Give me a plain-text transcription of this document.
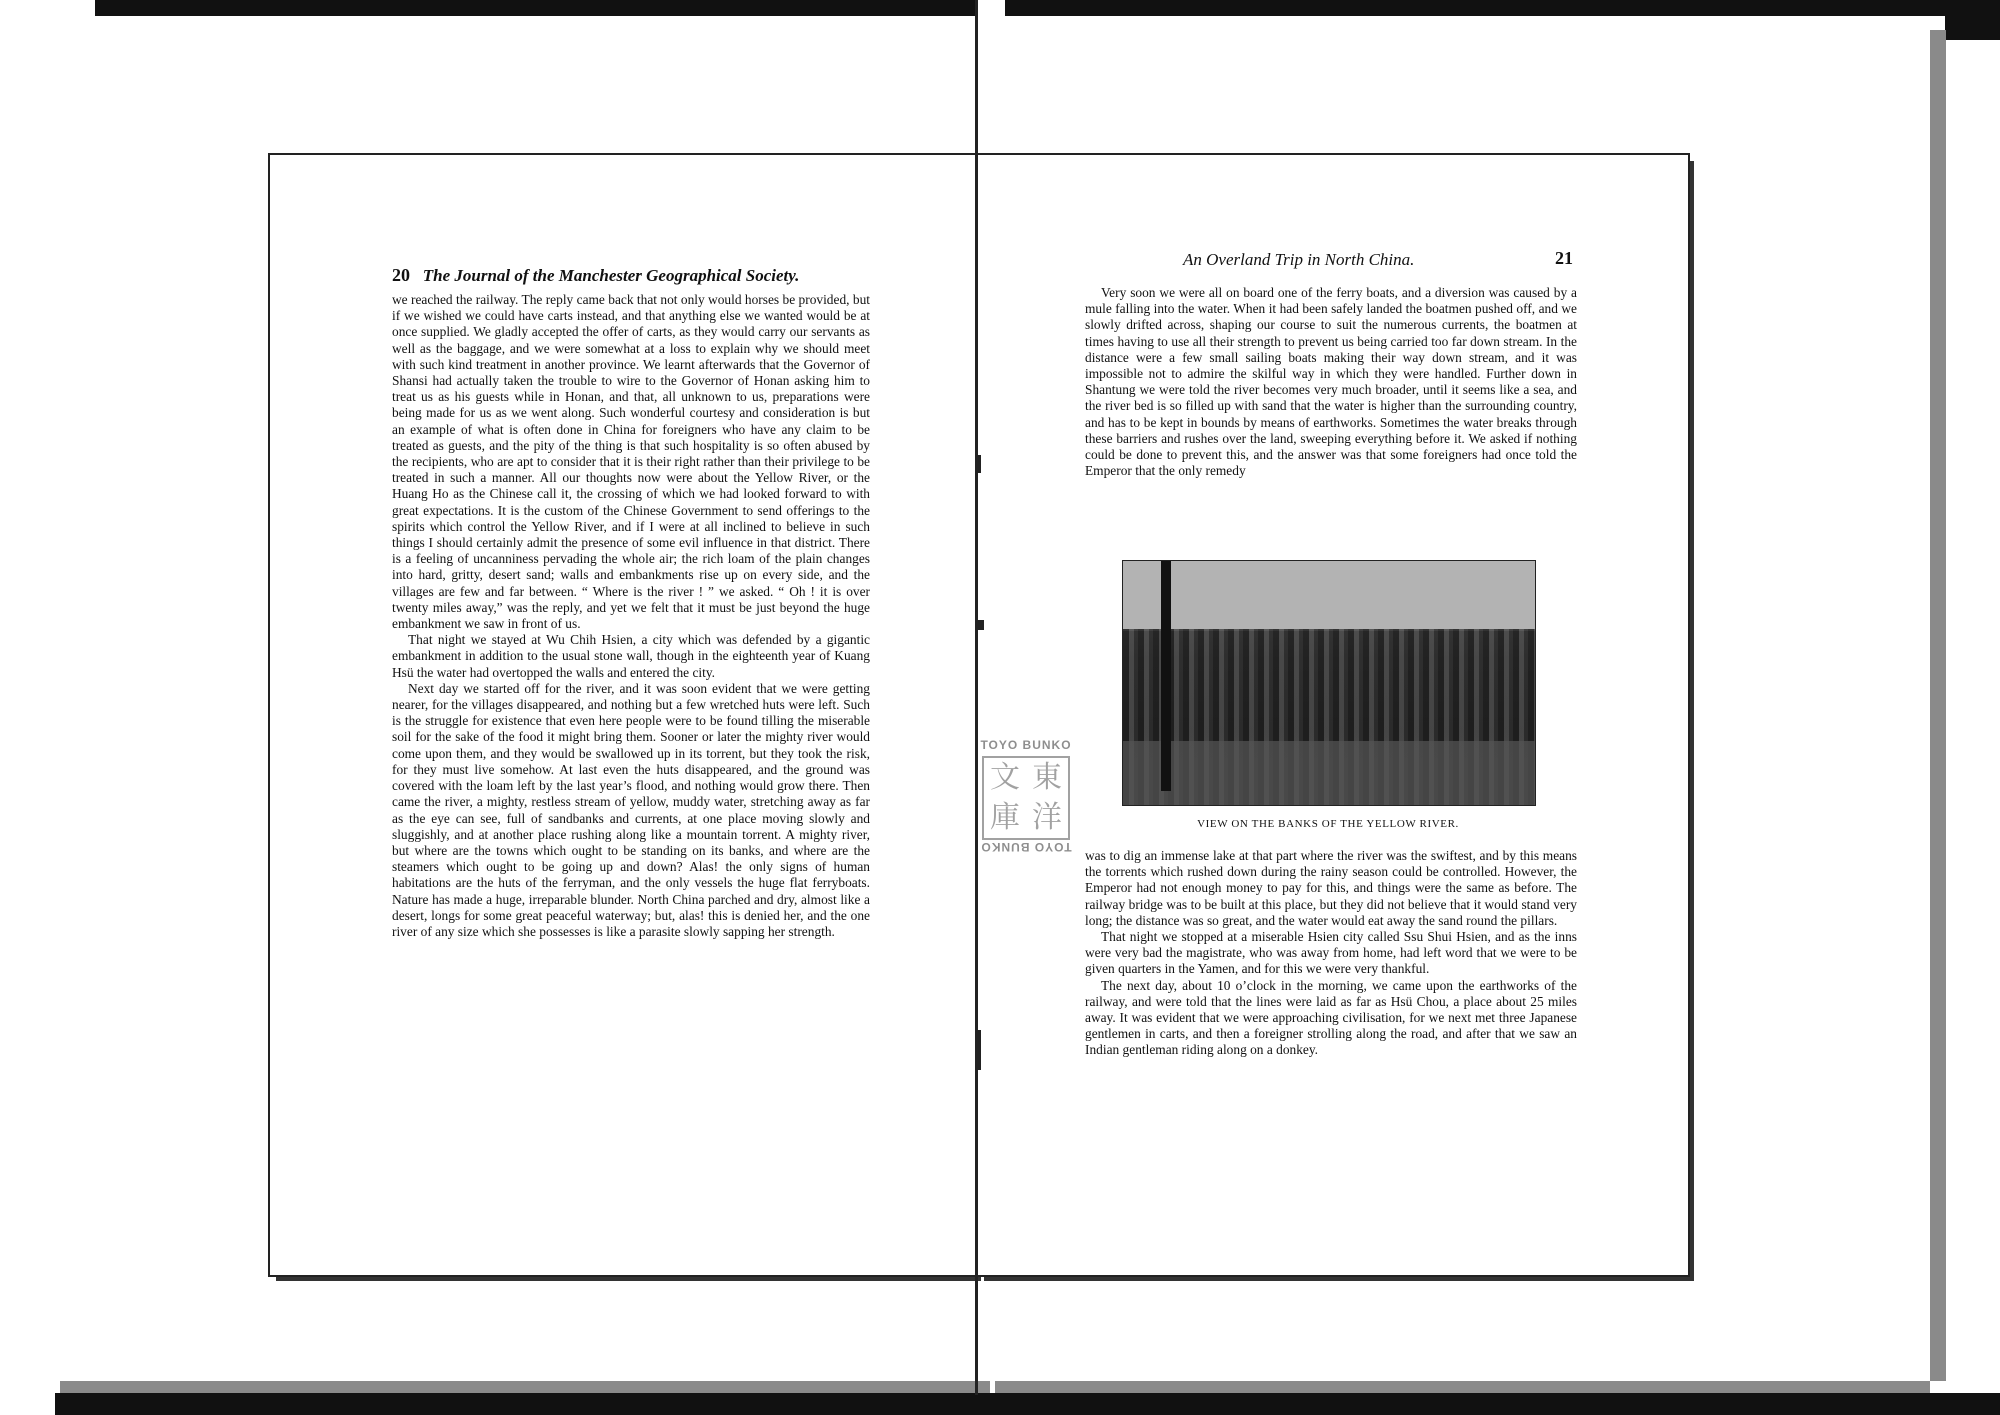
20 The Journal of the Manchester Geographical Society.

we reached the railway. The reply came back that not only would horses be provided, but if we wished we could have carts instead, and that anything else we wanted would be at once supplied. We gladly accepted the offer of carts, as they would carry our servants as well as the baggage, and we were somewhat at a loss to explain why we should meet with such kind treatment in another province. We learnt afterwards that the Governor of Shansi had actually taken the trouble to wire to the Governor of Honan asking him to treat us as his guests while in Honan, and that, all unknown to us, preparations were being made for us as we went along. Such wonderful courtesy and consideration is but an example of what is often done in China for foreigners who have any claim to be treated as guests, and the pity of the thing is that such hospitality is so often abused by the recipients, who are apt to consider that it is their right rather than their privilege to be treated in such a manner. All our thoughts now were about the Yellow River, or the Huang Ho as the Chinese call it, the crossing of which we had looked forward to with great expectations. It is the custom of the Chinese Government to send offerings to the spirits which control the Yellow River, and if I were at all inclined to believe in such things I should certainly admit the presence of some evil influence in that district. There is a feeling of uncanniness pervading the whole air; the rich loam of the plain changes into hard, gritty, desert sand; walls and embankments rise up on every side, and the villages are few and far between. “ Where is the river ! ” we asked. “ Oh ! it is over twenty miles away,” was the reply, and yet we felt that it must be just beyond the huge embankment we saw in front of us.

That night we stayed at Wu Chih Hsien, a city which was defended by a gigantic embankment in addition to the usual stone wall, though in the eighteenth year of Kuang Hsü the water had overtopped the walls and entered the city.

Next day we started off for the river, and it was soon evident that we were getting nearer, for the villages disappeared, and nothing but a few wretched huts were left. Such is the struggle for existence that even here people were to be found tilling the miserable soil for the sake of the food it might bring them. Sooner or later the mighty river would come upon them, and they would be swallowed up in its torrent, but they took the risk, for they must live somehow. At last even the huts disappeared, and the ground was covered with the loam left by the last year’s flood, and nothing would grow there. Then came the river, a mighty, restless stream of yellow, muddy water, stretching away as far as the eye can see, full of sandbanks and currents, at one place moving slowly and sluggishly, and at another place rushing along like a mountain torrent. A mighty river, but where are the towns which ought to be standing on its banks, and where are the steamers which ought to be going up and down? Alas! the only signs of human habitations are the huts of the ferryman, and the only vessels the huge flat ferryboats. Nature has made a huge, irreparable blunder. North China parched and dry, almost like a desert, longs for some great peaceful waterway; but, alas! this is denied her, and the one river of any size which she possesses is like a parasite slowly sapping her strength.

An Overland Trip in North China.	21

Very soon we were all on board one of the ferry boats, and a diversion was caused by a mule falling into the water. When it had been safely landed the boatmen pushed off, and we slowly drifted across, shaping our course to suit the numerous currents, the boatmen at times having to use all their strength to prevent us being carried too far down stream. In the distance were a few small sailing boats making their way down stream, and it was impossible not to admire the skilful way in which they were handled. Further down in Shantung we were told the river becomes very much broader, until it seems like a sea, and the river bed is so filled up with sand that the water is higher than the surrounding country, and has to be kept in bounds by means of earthworks. Sometimes the water breaks through these barriers and rushes over the land, sweeping everything before it. We asked if nothing could be done to prevent this, and the answer was that some foreigners had once told the Emperor that the only remedy

VIEW ON THE BANKS OF THE YELLOW RIVER.

was to dig an immense lake at that part where the river was the swiftest, and by this means the torrents which rushed down during the rainy season could be controlled. However, the Emperor had not enough money to pay for this, and things were the same as before. The railway bridge was to be built at this place, but they did not believe that it would stand very long; the distance was so great, and the water would eat away the sand round the pillars.

That night we stopped at a miserable Hsien city called Ssu Shui Hsien, and as the inns were very bad the magistrate, who was away from home, had left word that we were to be given quarters in the Yamen, and for this we were very thankful.

The next day, about 10 o’clock in the morning, we came upon the earthworks of the railway, and were told that the lines were laid as far as Hsü Chou, a place about 25 miles away. It was evident that we were approaching civilisation, for we next met three Japanese gentlemen in carts, and then a foreigner strolling along the road, and after that we saw an Indian gentleman riding along on a donkey.

TOYO BUNKO
文 東
庫 洋
TOYO BUNKO
